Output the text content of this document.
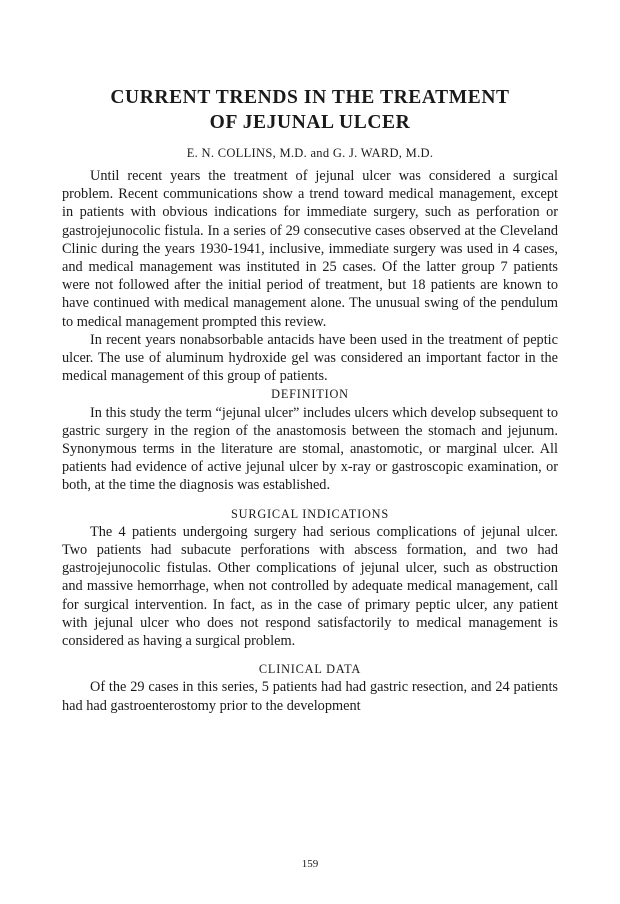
CURRENT TRENDS IN THE TREATMENT
OF JEJUNAL ULCER

E. N. COLLINS, M.D. and G. J. WARD, M.D.

Until recent years the treatment of jejunal ulcer was considered a surgical problem. Recent communications show a trend toward medical management, except in patients with obvious indications for immediate surgery, such as perforation or gastrojejunocolic fistula. In a series of 29 consecutive cases observed at the Cleveland Clinic during the years 1930-1941, inclusive, immediate surgery was used in 4 cases, and medical management was instituted in 25 cases. Of the latter group 7 patients were not followed after the initial period of treatment, but 18 patients are known to have continued with medical management alone. The unusual swing of the pendulum to medical management prompted this review.

In recent years nonabsorbable antacids have been used in the treatment of peptic ulcer. The use of aluminum hydroxide gel was considered an important factor in the medical management of this group of patients.

DEFINITION

In this study the term “jejunal ulcer” includes ulcers which develop subsequent to gastric surgery in the region of the anastomosis between the stomach and jejunum. Synonymous terms in the literature are stomal, anastomotic, or marginal ulcer. All patients had evidence of active jejunal ulcer by x-ray or gastroscopic examination, or both, at the time the diagnosis was established.

SURGICAL INDICATIONS

The 4 patients undergoing surgery had serious complications of jejunal ulcer. Two patients had subacute perforations with abscess formation, and two had gastrojejunocolic fistulas. Other complications of jejunal ulcer, such as obstruction and massive hemorrhage, when not controlled by adequate medical management, call for surgical intervention. In fact, as in the case of primary peptic ulcer, any patient with jejunal ulcer who does not respond satisfactorily to medical management is considered as having a surgical problem.

CLINICAL DATA

Of the 29 cases in this series, 5 patients had had gastric resection, and 24 patients had had gastroenterostomy prior to the development

159
